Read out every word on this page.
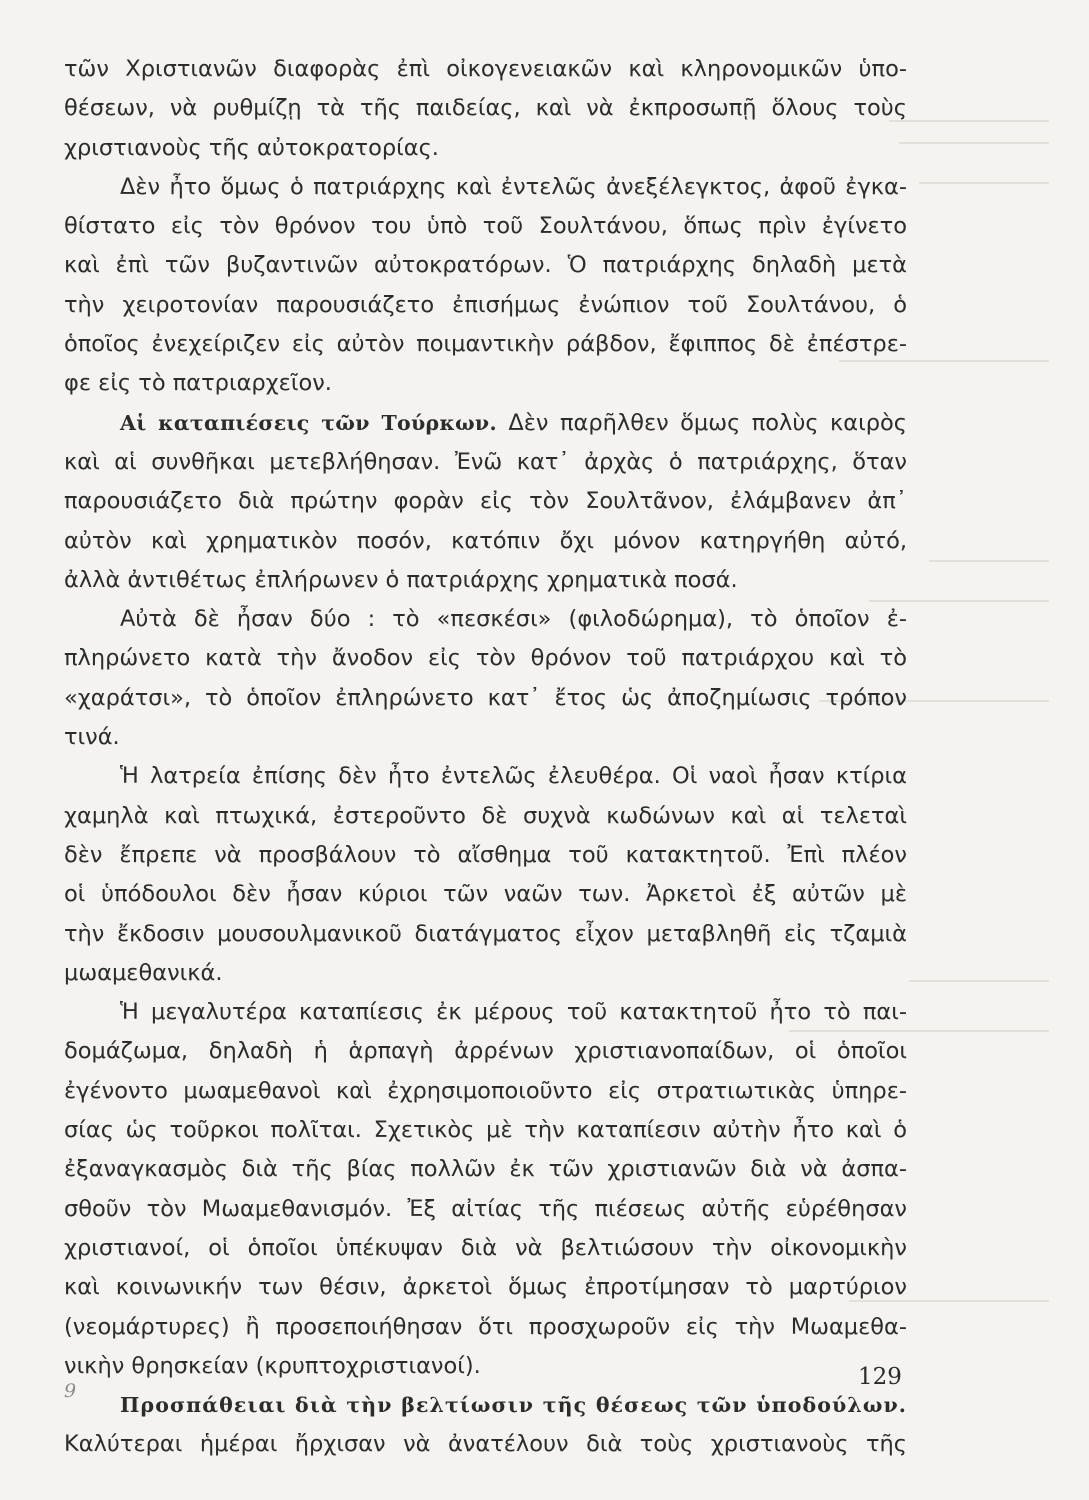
τῶν Χριστιανῶν διαφορὰς ἐπὶ οἰκογενειακῶν καὶ κληρονομικῶν ὑπο-
θέσεων, νὰ ρυθμίζῃ τὰ τῆς παιδείας, καὶ νὰ ἐκπροσωπῇ ὅλους τοὺς
χριστιανοὺς τῆς αὐτοκρατορίας.
Δὲν ἦτο ὅμως ὁ πατριάρχης καὶ ἐντελῶς ἀνεξέλεγκτος, ἀφοῦ ἐγκα-
θίστατο εἰς τὸν θρόνον του ὑπὸ τοῦ Σουλτάνου, ὅπως πρὶν ἐγίνετο
καὶ ἐπὶ τῶν βυζαντινῶν αὐτοκρατόρων. Ὁ πατριάρχης δηλαδὴ μετὰ
τὴν χειροτονίαν παρουσιάζετο ἐπισήμως ἐνώπιον τοῦ Σουλτάνου, ὁ
ὁποῖος ἐνεχείριζεν εἰς αὐτὸν ποιμαντικὴν ράβδον, ἔφιππος δὲ ἐπέστρε-
φε εἰς τὸ πατριαρχεῖον.
Αἱ καταπιέσεις τῶν Τούρκων. Δὲν παρῆλθεν ὅμως πολὺς καιρὸς
καὶ αἱ συνθῆκαι μετεβλήθησαν. Ἐνῶ κατ᾿ ἀρχὰς ὁ πατριάρχης, ὅταν
παρουσιάζετο διὰ πρώτην φορὰν εἰς τὸν Σουλτᾶνον, ἐλάμβανεν ἀπ᾿
αὐτὸν καὶ χρηματικὸν ποσόν, κατόπιν ὄχι μόνον κατηργήθη αὐτό,
ἀλλὰ ἀντιθέτως ἐπλήρωνεν ὁ πατριάρχης χρηματικὰ ποσά.
Αὐτὰ δὲ ἦσαν δύο : τὸ «πεσκέσι» (φιλοδώρημα), τὸ ὁποῖον ἐ-
πληρώνετο κατὰ τὴν ἄνοδον εἰς τὸν θρόνον τοῦ πατριάρχου καὶ τὸ
«χαράτσι», τὸ ὁποῖον ἐπληρώνετο κατ᾿ ἔτος ὡς ἀποζημίωσις τρόπον
τινά.
Ἡ λατρεία ἐπίσης δὲν ἦτο ἐντελῶς ἐλευθέρα. Οἱ ναοὶ ἦσαν κτίρια
χαμηλὰ καὶ πτωχικά, ἐστεροῦντο δὲ συχνὰ κωδώνων καὶ αἱ τελεταὶ
δὲν ἔπρεπε νὰ προσβάλουν τὸ αἴσθημα τοῦ κατακτητοῦ. Ἐπὶ πλέον
οἱ ὑπόδουλοι δὲν ἦσαν κύριοι τῶν ναῶν των. Ἀρκετοὶ ἐξ αὐτῶν μὲ
τὴν ἔκδοσιν μουσουλμανικοῦ διατάγματος εἶχον μεταβληθῆ εἰς τζαμιὰ
μωαμεθανικά.
Ἡ μεγαλυτέρα καταπίεσις ἐκ μέρους τοῦ κατακτητοῦ ἦτο τὸ παι-
δομάζωμα, δηλαδὴ ἡ ἁρπαγὴ ἀρρένων χριστιανοπαίδων, οἱ ὁποῖοι
ἐγένοντο μωαμεθανοὶ καὶ ἐχρησιμοποιοῦντο εἰς στρατιωτικὰς ὑπηρε-
σίας ὡς τοῦρκοι πολῖται. Σχετικὸς μὲ τὴν καταπίεσιν αὐτὴν ἦτο καὶ ὁ
ἐξαναγκασμὸς διὰ τῆς βίας πολλῶν ἐκ τῶν χριστιανῶν διὰ νὰ ἀσπα-
σθοῦν τὸν Μωαμεθανισμόν. Ἐξ αἰτίας τῆς πιέσεως αὐτῆς εὑρέθησαν
χριστιανοί, οἱ ὁποῖοι ὑπέκυψαν διὰ νὰ βελτιώσουν τὴν οἰκονομικὴν
καὶ κοινωνικήν των θέσιν, ἀρκετοὶ ὅμως ἐπροτίμησαν τὸ μαρτύριον
(νεομάρτυρες) ἢ προσεποιήθησαν ὅτι προσχωροῦν εἰς τὴν Μωαμεθα-
νικὴν θρησκείαν (κρυπτοχριστιανοί).
Προσπάθειαι διὰ τὴν βελτίωσιν τῆς θέσεως τῶν ὑποδούλων.
Καλύτεραι ἡμέραι ἤρχισαν νὰ ἀνατέλουν διὰ τοὺς χριστιανοὺς τῆς
9
129
